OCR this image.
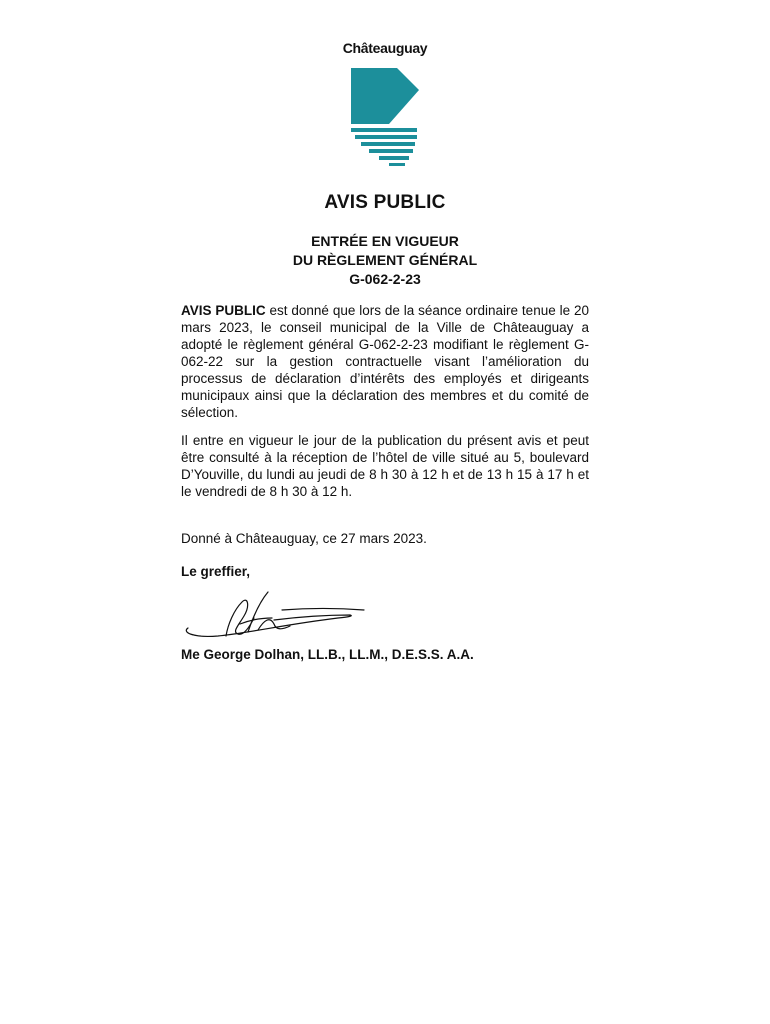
Châteauguay
AVIS PUBLIC
ENTRÉE EN VIGUEUR
DU RÈGLEMENT GÉNÉRAL
G-062-2-23
AVIS PUBLIC est donné que lors de la séance ordinaire tenue le 20 mars 2023, le conseil municipal de la Ville de Châteauguay a adopté le règlement général G-062-2-23 modifiant le règlement G-062-22 sur la gestion contractuelle visant l’amélioration du processus de déclaration d’intérêts des employés et dirigeants municipaux ainsi que la déclaration des membres et du comité de sélection.
Il entre en vigueur le jour de la publication du présent avis et peut être consulté à la réception de l’hôtel de ville situé au 5, boulevard D’Youville, du lundi au jeudi de 8 h 30 à 12 h et de 13 h 15 à 17 h et le vendredi de 8 h 30 à 12 h.
Donné à Châteauguay, ce 27 mars 2023.
Le greffier,
Me George Dolhan, LL.B., LL.M., D.E.S.S. A.A.
